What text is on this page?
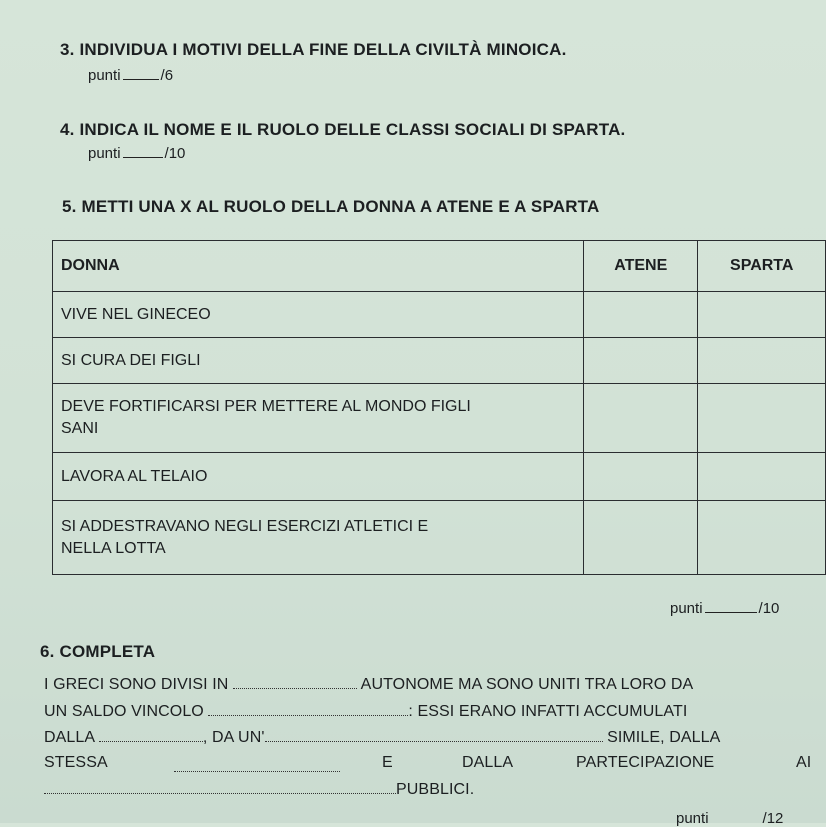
3. INDIVIDUA I MOTIVI DELLA FINE DELLA CIVILTÀ MINOICA.
punti	/6
4. INDICA IL NOME E IL RUOLO DELLE CLASSI SOCIALI DI SPARTA.
punti	/10
5. METTI UNA X AL RUOLO DELLA DONNA A ATENE E A SPARTA
DONNA	ATENE	SPARTA
VIVE NEL GINECEO		
SI CURA DEI FIGLI		

DEVE FORTIFICARSI PER METTERE AL MONDO FIGLI
SANI		

LAVORA AL TELAIO		

SI ADDESTRAVANO NEGLI ESERCIZI ATLETICI E
NELLA LOTTA		

punti	/10
6. COMPLETA
I GRECI SONO DIVISI IN	AUTONOME MA SONO UNITI TRA LORO DA
UN SALDO VINCOLO	: ESSI ERANO INFATTI ACCUMULATI
DALLA	, DA UN'	SIMILE, DALLA
STESSA	E	DALLA	PARTECIPAZIONE	AI
PUBBLICI.
punti	/12
